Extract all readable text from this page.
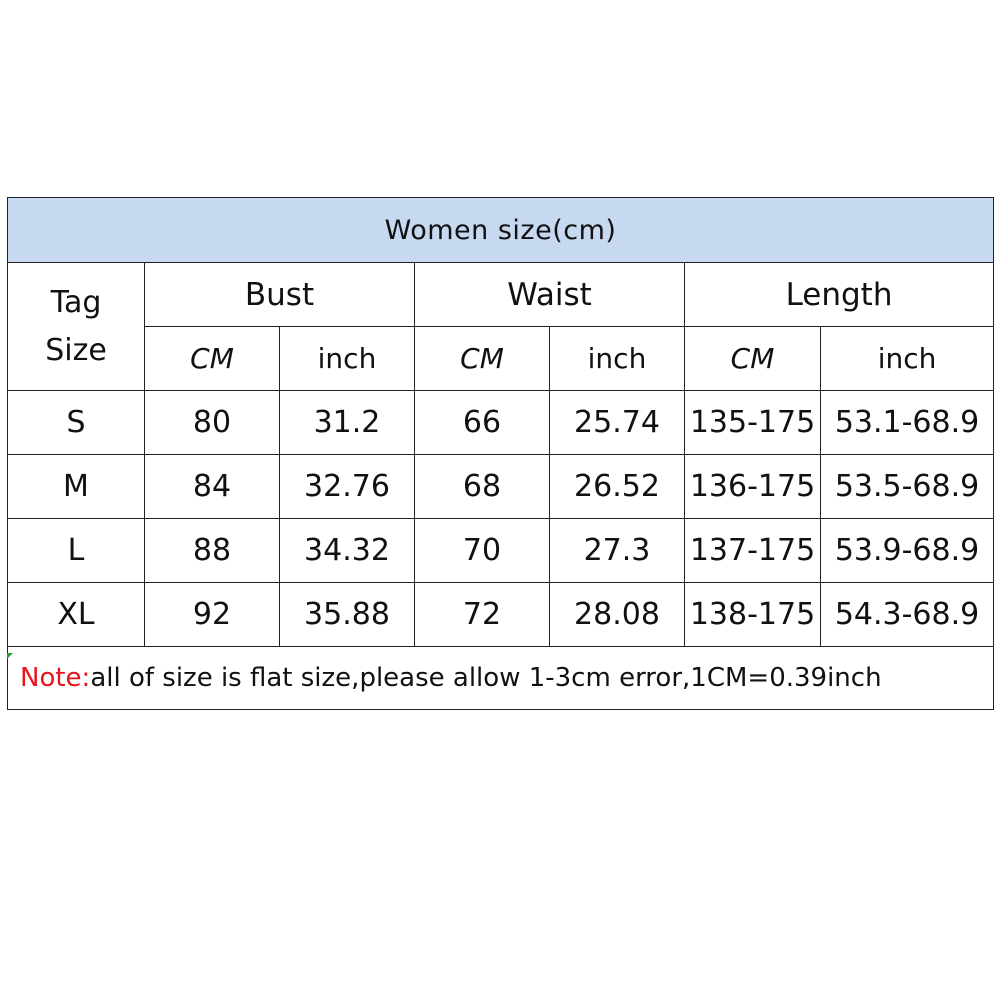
Women size(cm)						
Tag
Size	Bust		Waist		Length	
	CM	inch	CM	inch	CM	inch
S	80	31.2	66	25.74	135-175	53.1-68.9
M	84	32.76	68	26.52	136-175	53.5-68.9
L	88	34.32	70	27.3	137-175	53.9-68.9
XL	92	35.88	72	28.08	138-175	54.3-68.9
Note:all of size is flat size,please allow 1-3cm error,1CM=0.39inch						
